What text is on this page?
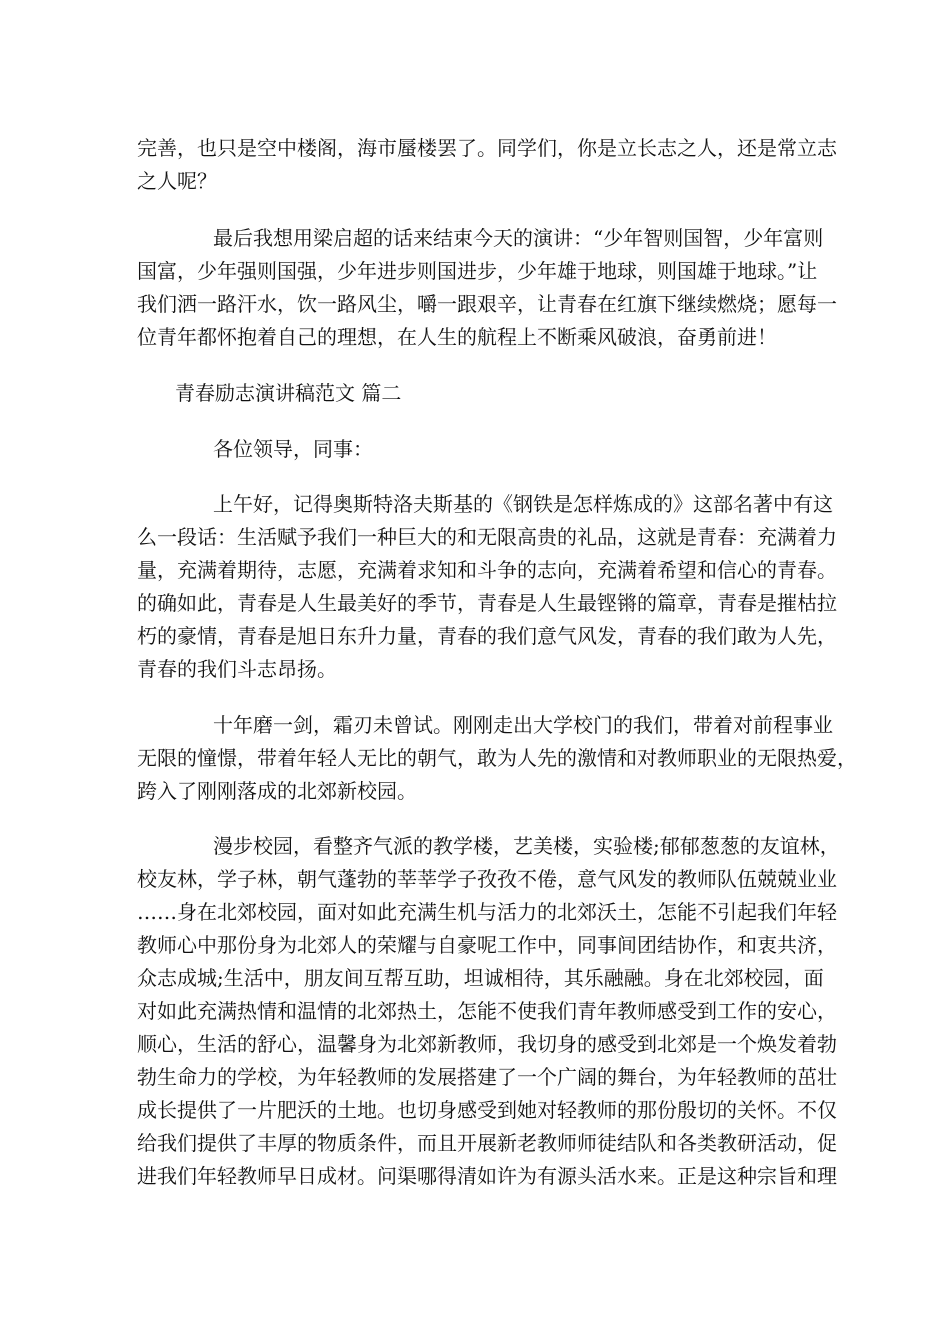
完善，也只是空中楼阁，海市蜃楼罢了。同学们，你是立长志之人，还是常立志
之人呢？
最后我想用梁启超的话来结束今天的演讲：“少年智则国智，少年富则
国富，少年强则国强，少年进步则国进步，少年雄于地球，则国雄于地球。”让
我们洒一路汗水，饮一路风尘，嚼一跟艰辛，让青春在红旗下继续燃烧；愿每一
位青年都怀抱着自己的理想，在人生的航程上不断乘风破浪，奋勇前进！
青春励志演讲稿范文 篇二
各位领导，同事：
上午好，记得奥斯特洛夫斯基的《钢铁是怎样炼成的》这部名著中有这
么一段话：生活赋予我们一种巨大的和无限高贵的礼品，这就是青春：充满着力
量，充满着期待，志愿，充满着求知和斗争的志向，充满着希望和信心的青春。
的确如此，青春是人生最美好的季节，青春是人生最铿锵的篇章，青春是摧枯拉
朽的豪情，青春是旭日东升力量，青春的我们意气风发，青春的我们敢为人先，
青春的我们斗志昂扬。
十年磨一剑，霜刃未曾试。刚刚走出大学校门的我们，带着对前程事业
无限的憧憬，带着年轻人无比的朝气，敢为人先的激情和对教师职业的无限热爱，
跨入了刚刚落成的北郊新校园。
漫步校园，看整齐气派的教学楼，艺美楼，实验楼;郁郁葱葱的友谊林，
校友林，学子林，朝气蓬勃的莘莘学子孜孜不倦，意气风发的教师队伍兢兢业业
……身在北郊校园，面对如此充满生机与活力的北郊沃土，怎能不引起我们年轻
教师心中那份身为北郊人的荣耀与自豪呢工作中，同事间团结协作，和衷共济，
众志成城;生活中，朋友间互帮互助，坦诚相待，其乐融融。身在北郊校园，面
对如此充满热情和温情的北郊热土，怎能不使我们青年教师感受到工作的安心，
顺心，生活的舒心，温馨身为北郊新教师，我切身的感受到北郊是一个焕发着勃
勃生命力的学校，为年轻教师的发展搭建了一个广阔的舞台，为年轻教师的茁壮
成长提供了一片肥沃的土地。也切身感受到她对轻教师的那份殷切的关怀。不仅
给我们提供了丰厚的物质条件，而且开展新老教师师徒结队和各类教研活动，促
进我们年轻教师早日成材。问渠哪得清如许为有源头活水来。正是这种宗旨和理
